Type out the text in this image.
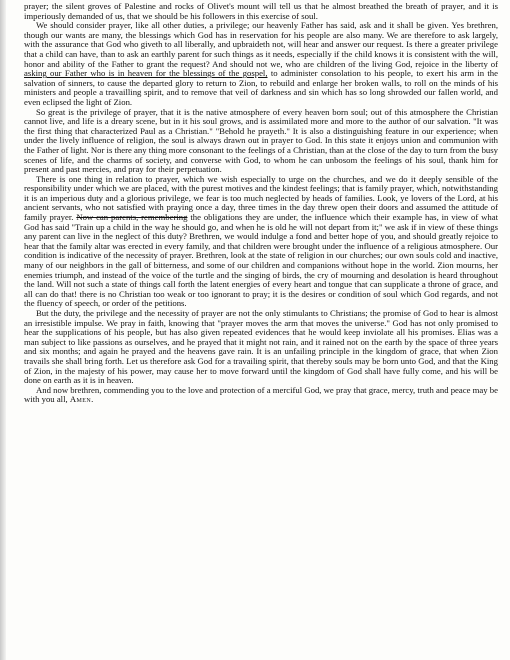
prayer; the silent groves of Palestine and rocks of Olivet's mount will tell us that he almost breathed the breath of prayer, and it is imperiously demanded of us, that we should be his followers in this exercise of soul.

We should consider prayer, like all other duties, a privilege; our heavenly Father has said, ask and it shall be given. Yes brethren, though our wants are many, the blessings which God has in reservation for his people are also many. We are therefore to ask largely, with the assurance that God who giveth to all liberally, and upbraideth not, will hear and answer our request. Is there a greater privilege that a child can have, than to ask an earthly parent for such things as it needs, especially if the child knows it is consistent with the will, honor and ability of the Father to grant the request? And should not we, who are children of the living God, rejoice in the liberty of asking our Father who is in heaven for the blessings of the gospel, to administer consolation to his people, to exert his arm in the salvation of sinners, to cause the departed glory to return to Zion, to rebuild and enlarge her broken walls, to roll on the minds of his ministers and people a travailling spirit, and to remove that veil of darkness and sin which has so long shrowded our fallen world, and even eclipsed the light of Zion.

So great is the privilege of prayer, that it is the native atmosphere of every heaven born soul; out of this atmosphere the Christian cannot live, and life is a dreary scene, but in it his soul grows, and is assimilated more and more to the author of our salvation. "It was the first thing that characterized Paul as a Christian." "Behold he prayeth." It is also a distinguishing feature in our experience; when under the lively influence of religion, the soul is always drawn out in prayer to God. In this state it enjoys union and communion with the Father of light. Nor is there any thing more consonant to the feelings of a Christian, than at the close of the day to turn from the busy scenes of life, and the charms of society, and converse with God, to whom he can unbosom the feelings of his soul, thank him for present and past mercies, and pray for their perpetuation.

There is one thing in relation to prayer, which we wish especially to urge on the churches, and we do it deeply sensible of the responsibility under which we are placed, with the purest motives and the kindest feelings; that is family prayer, which, notwithstanding it is an imperious duty and a glorious privilege, we fear is too much neglected by heads of families. Look, ye lovers of the Lord, at his ancient servants, who not satisfied with praying once a day, three times in the day threw open their doors and assumed the attitude of family prayer. Now can parents, remembering the obligations they are under, the influence which their example has, in view of what God has said "Train up a child in the way he should go, and when he is old he will not depart from it;" we ask if in view of these things any parent can live in the neglect of this duty? Brethren, we would indulge a fond and better hope of you, and should greatly rejoice to hear that the family altar was erected in every family, and that children were brought under the influence of a religious atmosphere. Our condition is indicative of the necessity of prayer. Brethren, look at the state of religion in our churches; our own souls cold and inactive, many of our neighbors in the gall of bitterness, and some of our children and companions without hope in the world. Zion mourns, her enemies triumph, and instead of the voice of the turtle and the singing of birds, the cry of mourning and desolation is heard throughout the land. Will not such a state of things call forth the latent energies of every heart and tongue that can supplicate a throne of grace, and all can do that! there is no Christian too weak or too ignorant to pray; it is the desires or condition of soul which God regards, and not the fluency of speech, or order of the petitions.

But the duty, the privilege and the necessity of prayer are not the only stimulants to Christians; the promise of God to hear is almost an irresistible impulse. We pray in faith, knowing that "prayer moves the arm that moves the universe." God has not only promised to hear the supplications of his people, but has also given repeated evidences that he would keep inviolate all his promises. Elias was a man subject to like passions as ourselves, and he prayed that it might not rain, and it rained not on the earth by the space of three years and six months; and again he prayed and the heavens gave rain. It is an unfailing principle in the kingdom of grace, that when Zion travails she shall bring forth. Let us therefore ask God for a travailing spirit, that thereby souls may be born unto God, and that the King of Zion, in the majesty of his power, may cause her to move forward until the kingdom of God shall have fully come, and his will be done on earth as it is in heaven.

And now brethren, commending you to the love and protection of a merciful God, we pray that grace, mercy, truth and peace may be with you all, Amen.
